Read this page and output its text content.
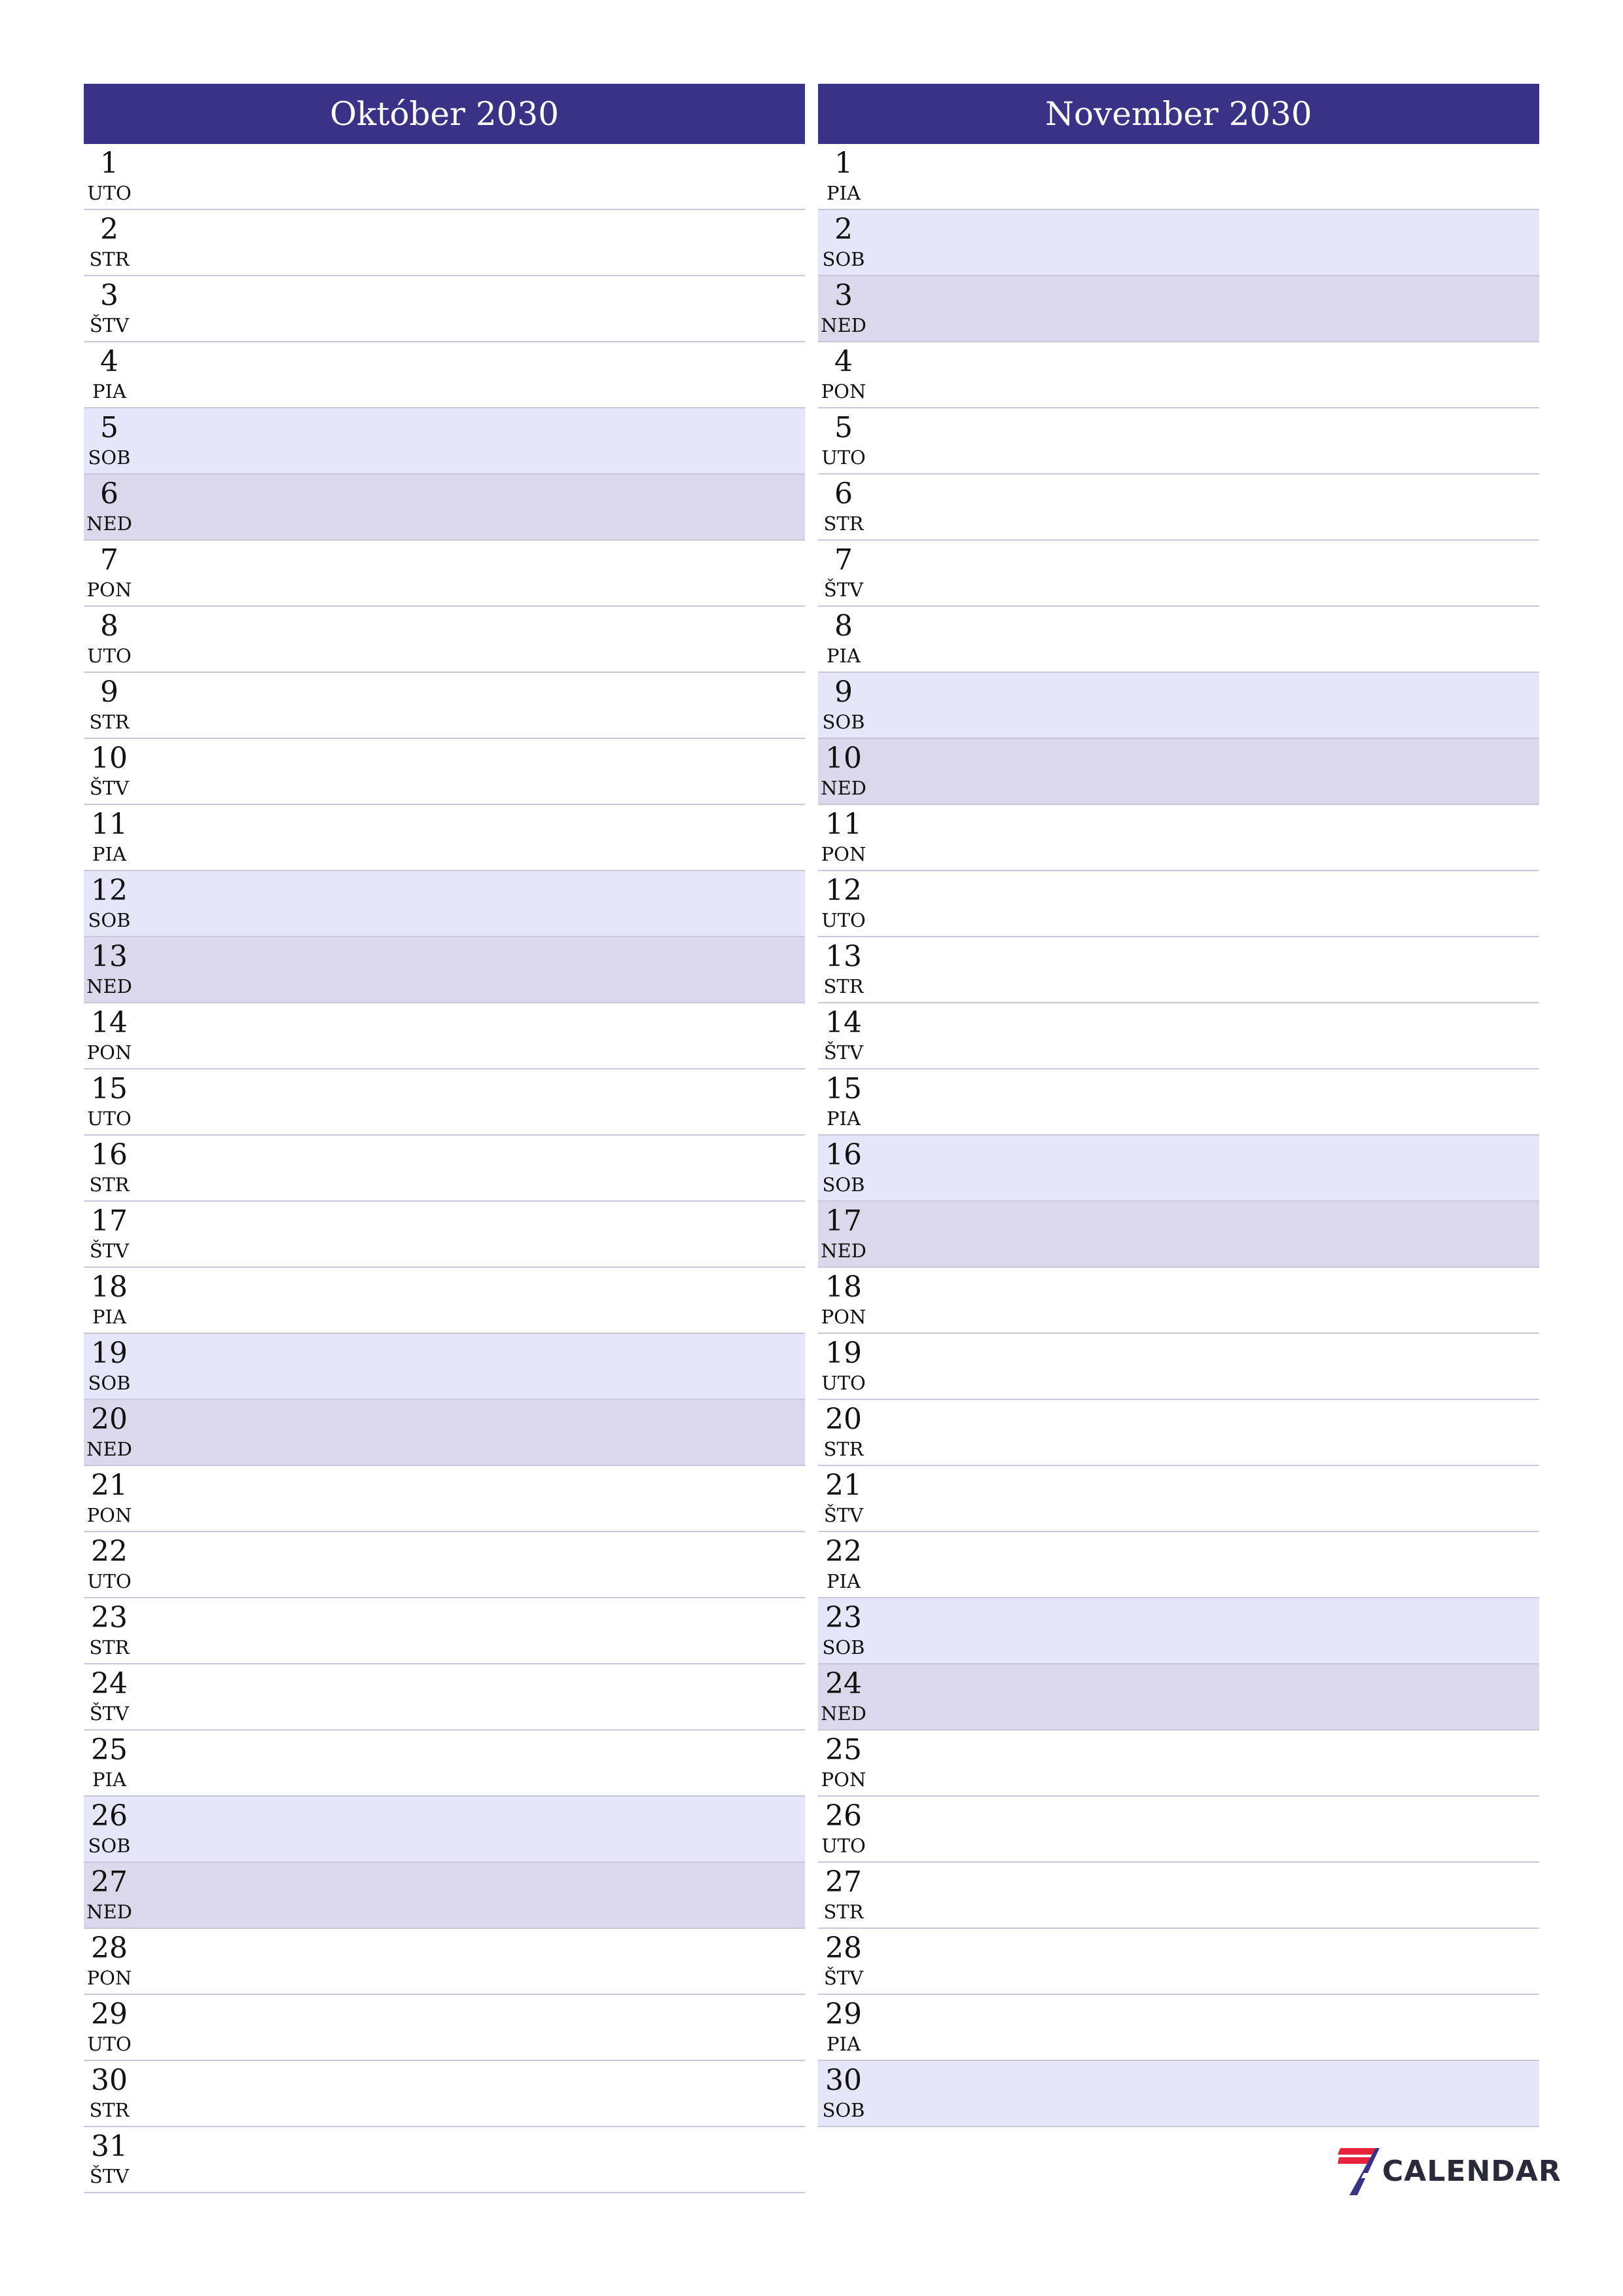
Október 2030
1
UTO
2
STR
3
ŠTV
4
PIA
5
SOB
6
NED
7
PON
8
UTO
9
STR
10
ŠTV
11
PIA
12
SOB
13
NED
14
PON
15
UTO
16
STR
17
ŠTV
18
PIA
19
SOB
20
NED
21
PON
22
UTO
23
STR
24
ŠTV
25
PIA
26
SOB
27
NED
28
PON
29
UTO
30
STR
31
ŠTV
November 2030
1
PIA
2
SOB
3
NED
4
PON
5
UTO
6
STR
7
ŠTV
8
PIA
9
SOB
10
NED
11
PON
12
UTO
13
STR
14
ŠTV
15
PIA
16
SOB
17
NED
18
PON
19
UTO
20
STR
21
ŠTV
22
PIA
23
SOB
24
NED
25
PON
26
UTO
27
STR
28
ŠTV
29
PIA
30
SOB
CALENDAR
